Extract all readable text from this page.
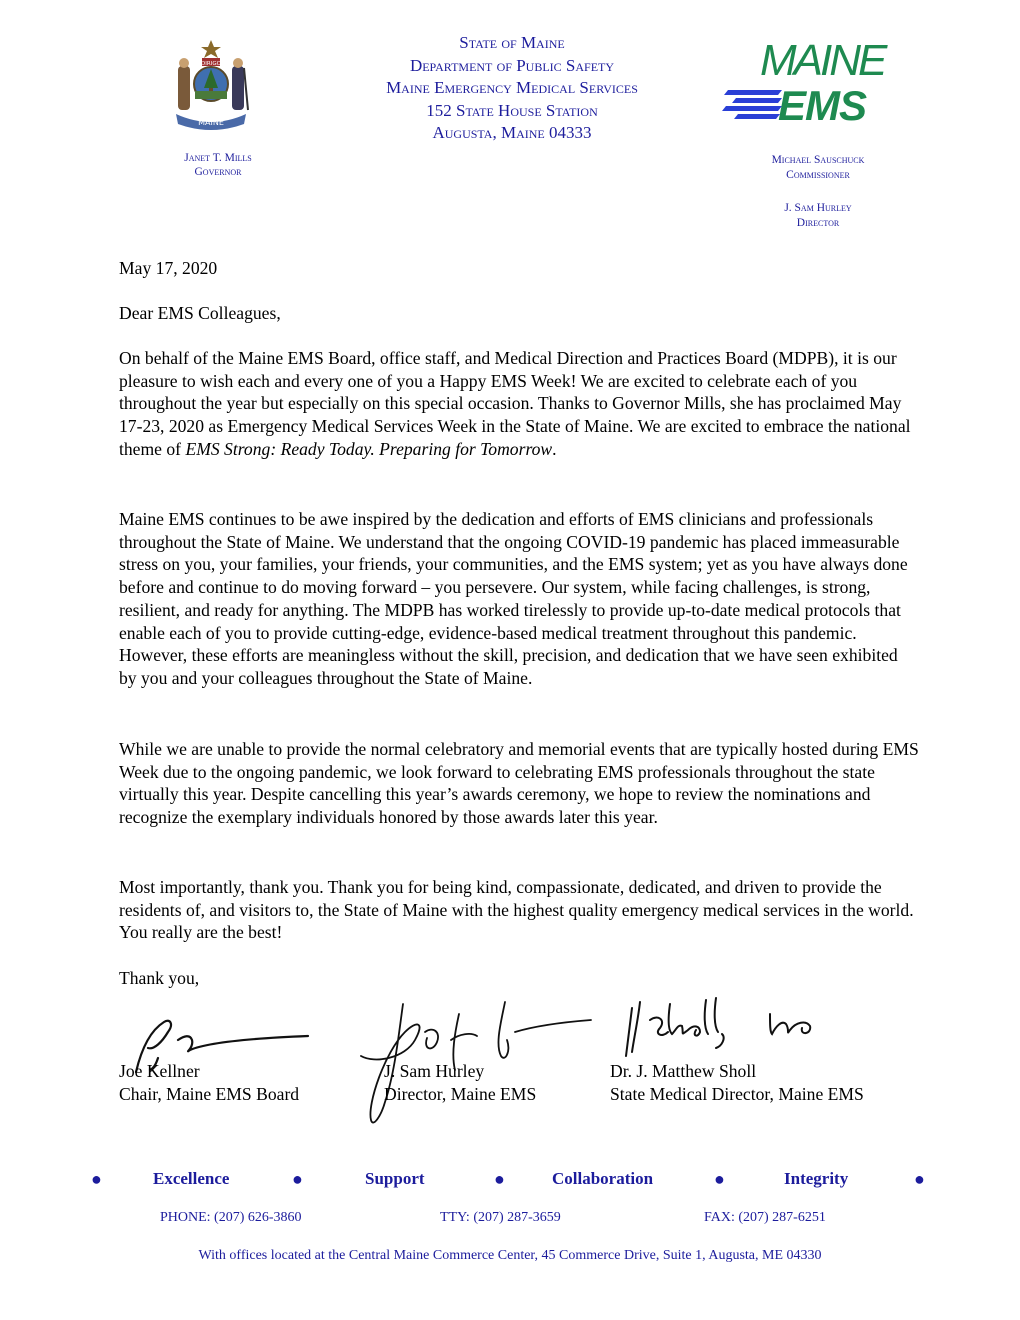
MAINE
DIRIGO
Janet T. Mills
Governor
State of Maine
Department of Public Safety
Maine Emergency Medical Services
152 State House Station
Augusta, Maine 04333
MAINE
EMS
Michael Sauschuck
Commissioner
J. Sam Hurley
Director

May 17, 2020

Dear EMS Colleagues,

On behalf of the Maine EMS Board, office staff, and Medical Direction and Practices Board (MDPB), it is our pleasure to wish each and every one of you a Happy EMS Week! We are excited to celebrate each of you throughout the year but especially on this special occasion. Thanks to Governor Mills, she has proclaimed May 17-23, 2020 as Emergency Medical Services Week in the State of Maine. We are excited to embrace the national theme of EMS Strong: Ready Today. Preparing for Tomorrow.

Maine EMS continues to be awe inspired by the dedication and efforts of EMS clinicians and professionals throughout the State of Maine. We understand that the ongoing COVID-19 pandemic has placed immeasurable stress on you, your families, your friends, your communities, and the EMS system; yet as you have always done before and continue to do moving forward – you persevere. Our system, while facing challenges, is strong, resilient, and ready for anything. The MDPB has worked tirelessly to provide up-to-date medical protocols that enable each of you to provide cutting-edge, evidence-based medical treatment throughout this pandemic. However, these efforts are meaningless without the skill, precision, and dedication that we have seen exhibited by you and your colleagues throughout the State of Maine.

While we are unable to provide the normal celebratory and memorial events that are typically hosted during EMS Week due to the ongoing pandemic, we look forward to celebrating EMS professionals throughout the state virtually this year. Despite cancelling this year’s awards ceremony, we hope to review the nominations and recognize the exemplary individuals honored by those awards later this year.

Most importantly, thank you. Thank you for being kind, compassionate, dedicated, and driven to provide the residents of, and visitors to, the State of Maine with the highest quality emergency medical services in the world. You really are the best!

Thank you,

Joe Kellner
Chair, Maine EMS Board
J. Sam Hurley
Director, Maine EMS
Dr. J. Matthew Sholl
State Medical Director, Maine EMS
●	Excellence	●	Support	●	Collaboration	●	Integrity	●
PHONE: (207) 626-3860	TTY: (207) 287-3659	FAX: (207) 287-6251
With offices located at the Central Maine Commerce Center, 45 Commerce Drive, Suite 1, Augusta, ME 04330
